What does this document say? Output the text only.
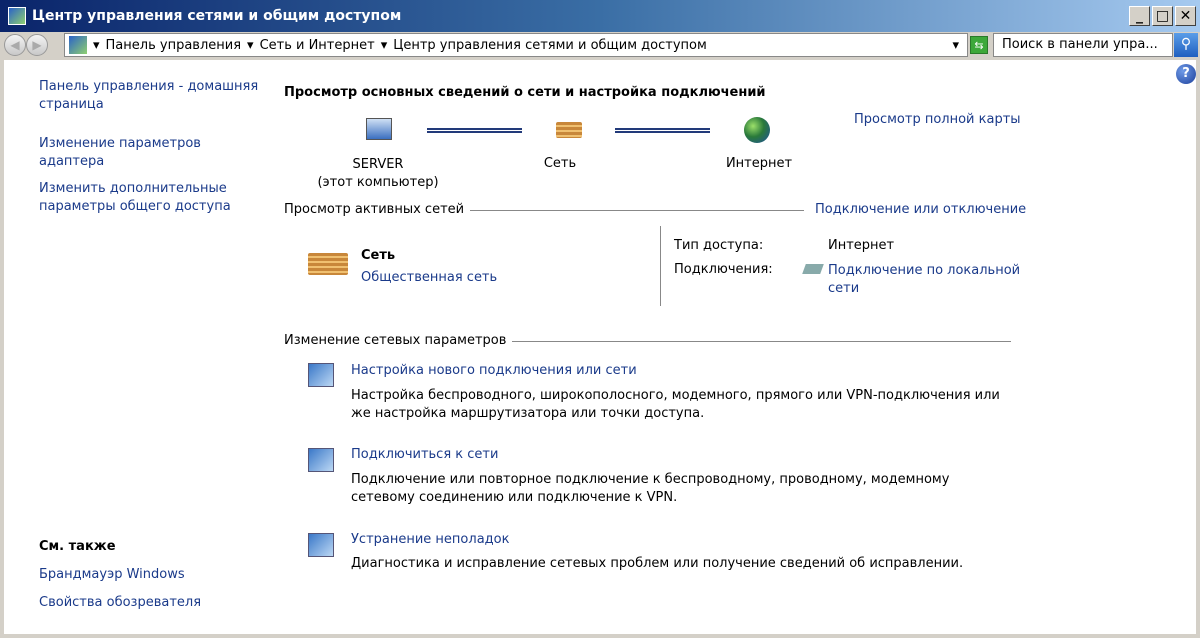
Центр управления сетями и общим доступом	_ □ ✕
◀	▶	▾ Панель управления ▾ Сеть и Интернет ▾ Центр управления сетями и общим доступом	▾	⇆	Поиск в панели упра...	⚲
?
Панель управления - домашняя страница
Изменение параметров адаптера
Изменить дополнительные параметры общего доступа
См. также
Брандмауэр Windows
Свойства обозревателя
Просмотр основных сведений о сети и настройка подключений
Просмотр полной карты
SERVER
(этот компьютер)
Сеть	Интернет
Просмотр активных сетей	Подключение или отключение
Сеть
Общественная сеть
Тип доступа:	Интернет
Подключения:	Подключение по локальной сети
Изменение сетевых параметров
Настройка нового подключения или сети
Настройка беспроводного, широкополосного, модемного, прямого или VPN-подключения или же настройка маршрутизатора или точки доступа.
Подключиться к сети
Подключение или повторное подключение к беспроводному, проводному, модемному сетевому соединению или подключение к VPN.
Устранение неполадок
Диагностика и исправление сетевых проблем или получение сведений об исправлении.
